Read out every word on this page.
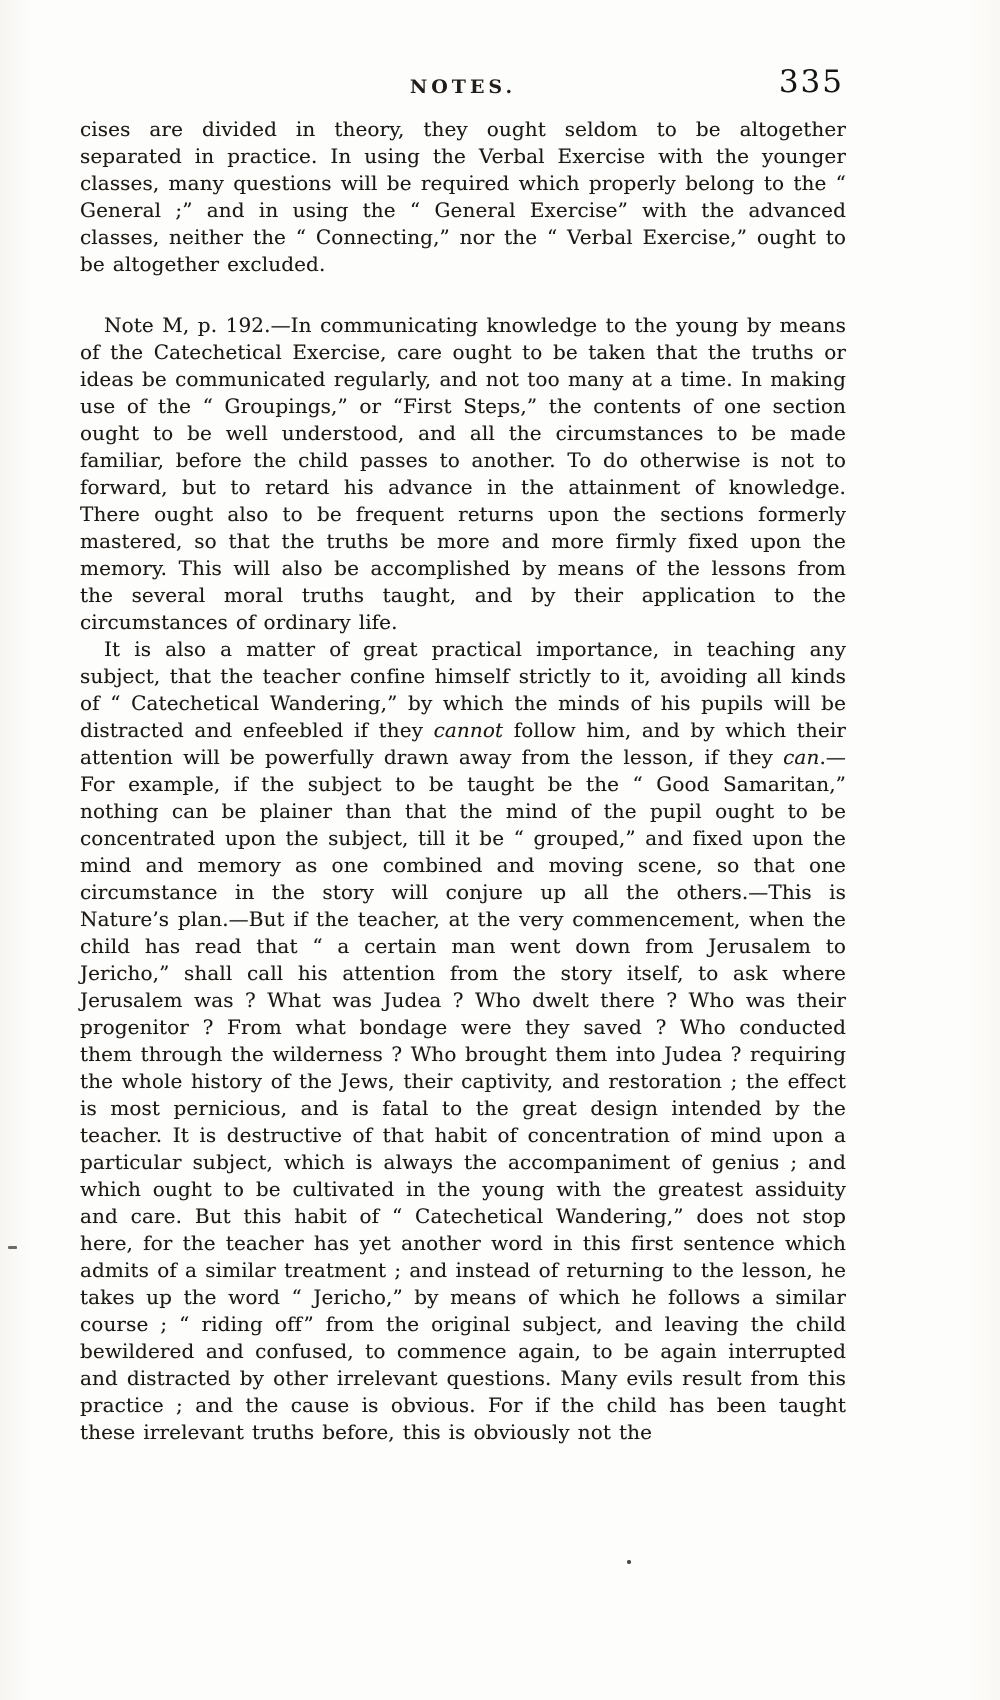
NOTES.	335

cises are divided in theory, they ought seldom to be altogether separated in practice. In using the Verbal Exercise with the younger classes, many questions will be required which properly belong to the “ General ;” and in using the “ General Exercise” with the advanced classes, neither the “ Connecting,” nor the “ Verbal Exercise,” ought to be altogether excluded.

Note M, p. 192.—In communicating knowledge to the young by means of the Catechetical Exercise, care ought to be taken that the truths or ideas be communicated regularly, and not too many at a time. In making use of the “ Groupings,” or “First Steps,” the contents of one section ought to be well understood, and all the circumstances to be made familiar, before the child passes to another. To do otherwise is not to forward, but to retard his advance in the attainment of knowledge. There ought also to be frequent returns upon the sections formerly mastered, so that the truths be more and more firmly fixed upon the memory. This will also be accomplished by means of the lessons from the several moral truths taught, and by their application to the circumstances of ordinary life.

It is also a matter of great practical importance, in teaching any subject, that the teacher confine himself strictly to it, avoiding all kinds of “ Catechetical Wandering,” by which the minds of his pupils will be distracted and enfeebled if they cannot follow him, and by which their attention will be powerfully drawn away from the lesson, if they can.—For example, if the subject to be taught be the “ Good Samaritan,” nothing can be plainer than that the mind of the pupil ought to be concentrated upon the subject, till it be “ grouped,” and fixed upon the mind and memory as one combined and moving scene, so that one circumstance in the story will conjure up all the others.—This is Nature’s plan.—But if the teacher, at the very commencement, when the child has read that “ a certain man went down from Jerusalem to Jericho,” shall call his attention from the story itself, to ask where Jerusalem was ? What was Judea ? Who dwelt there ? Who was their progenitor ? From what bondage were they saved ? Who conducted them through the wilderness ? Who brought them into Judea ? requiring the whole history of the Jews, their captivity, and restoration ; the effect is most pernicious, and is fatal to the great design intended by the teacher. It is destructive of that habit of concentration of mind upon a particular subject, which is always the accompaniment of genius ; and which ought to be cultivated in the young with the greatest assiduity and care. But this habit of “ Catechetical Wandering,” does not stop here, for the teacher has yet another word in this first sentence which admits of a similar treatment ; and instead of returning to the lesson, he takes up the word “ Jericho,” by means of which he follows a similar course ; “ riding off” from the original subject, and leaving the child bewildered and confused, to commence again, to be again interrupted and distracted by other irrelevant questions. Many evils result from this practice ; and the cause is obvious. For if the child has been taught these irrelevant truths before, this is obviously not the
